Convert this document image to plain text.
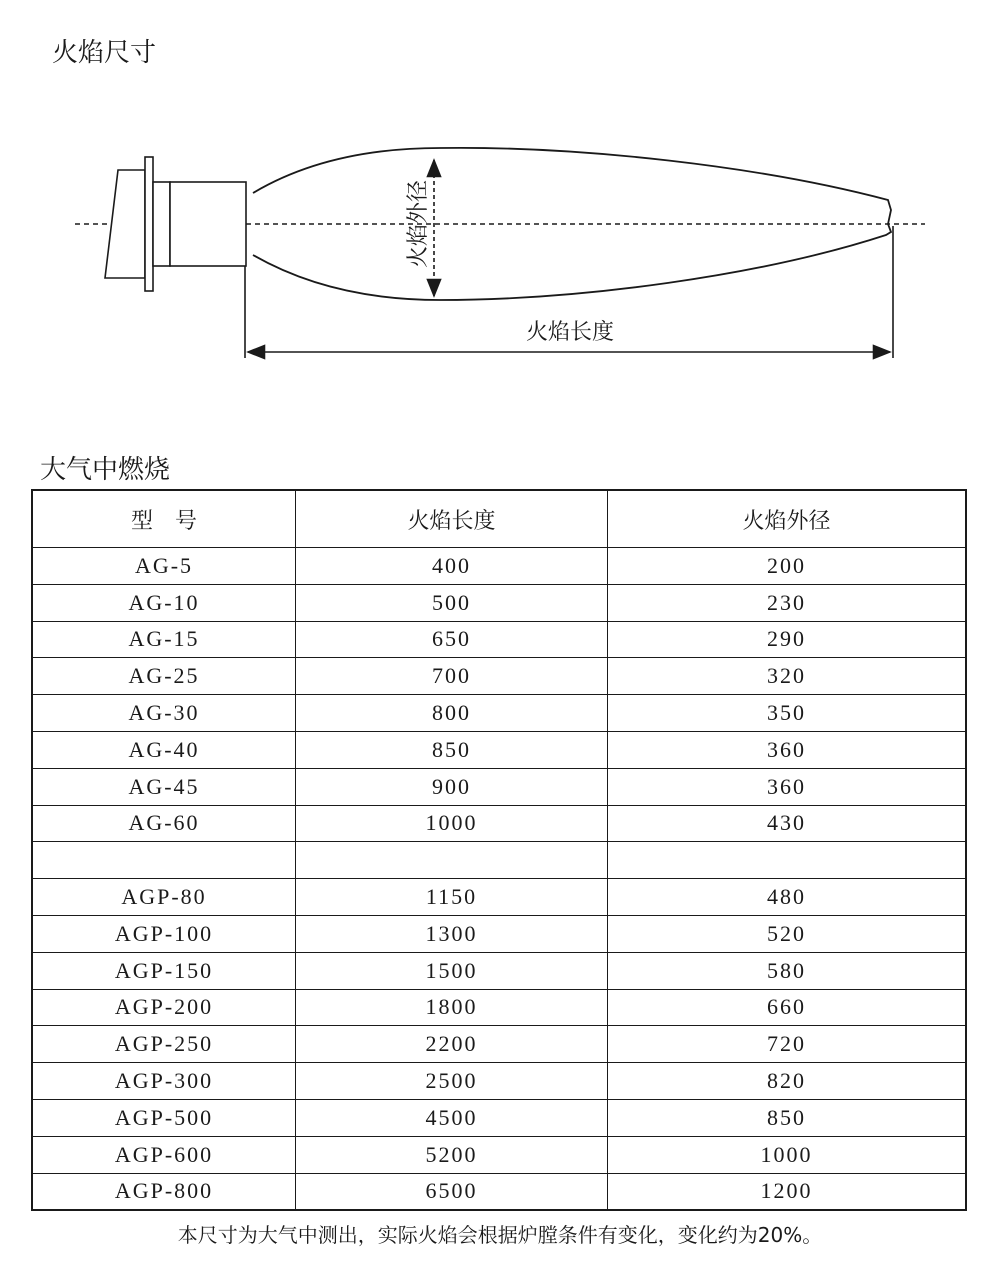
火焰尺寸
火焰外径
火焰长度
大气中燃烧
型　号	火焰长度	火焰外径
AG-5	400	200
AG-10	500	230
AG-15	650	290
AG-25	700	320
AG-30	800	350
AG-40	850	360
AG-45	900	360
AG-60	1000	430

AGP-80	1150	480
AGP-100	1300	520
AGP-150	1500	580
AGP-200	1800	660
AGP-250	2200	720
AGP-300	2500	820
AGP-500	4500	850
AGP-600	5200	1000
AGP-800	6500	1200
本尺寸为大气中测出，实际火焰会根据炉膛条件有变化，变化约为20%。
